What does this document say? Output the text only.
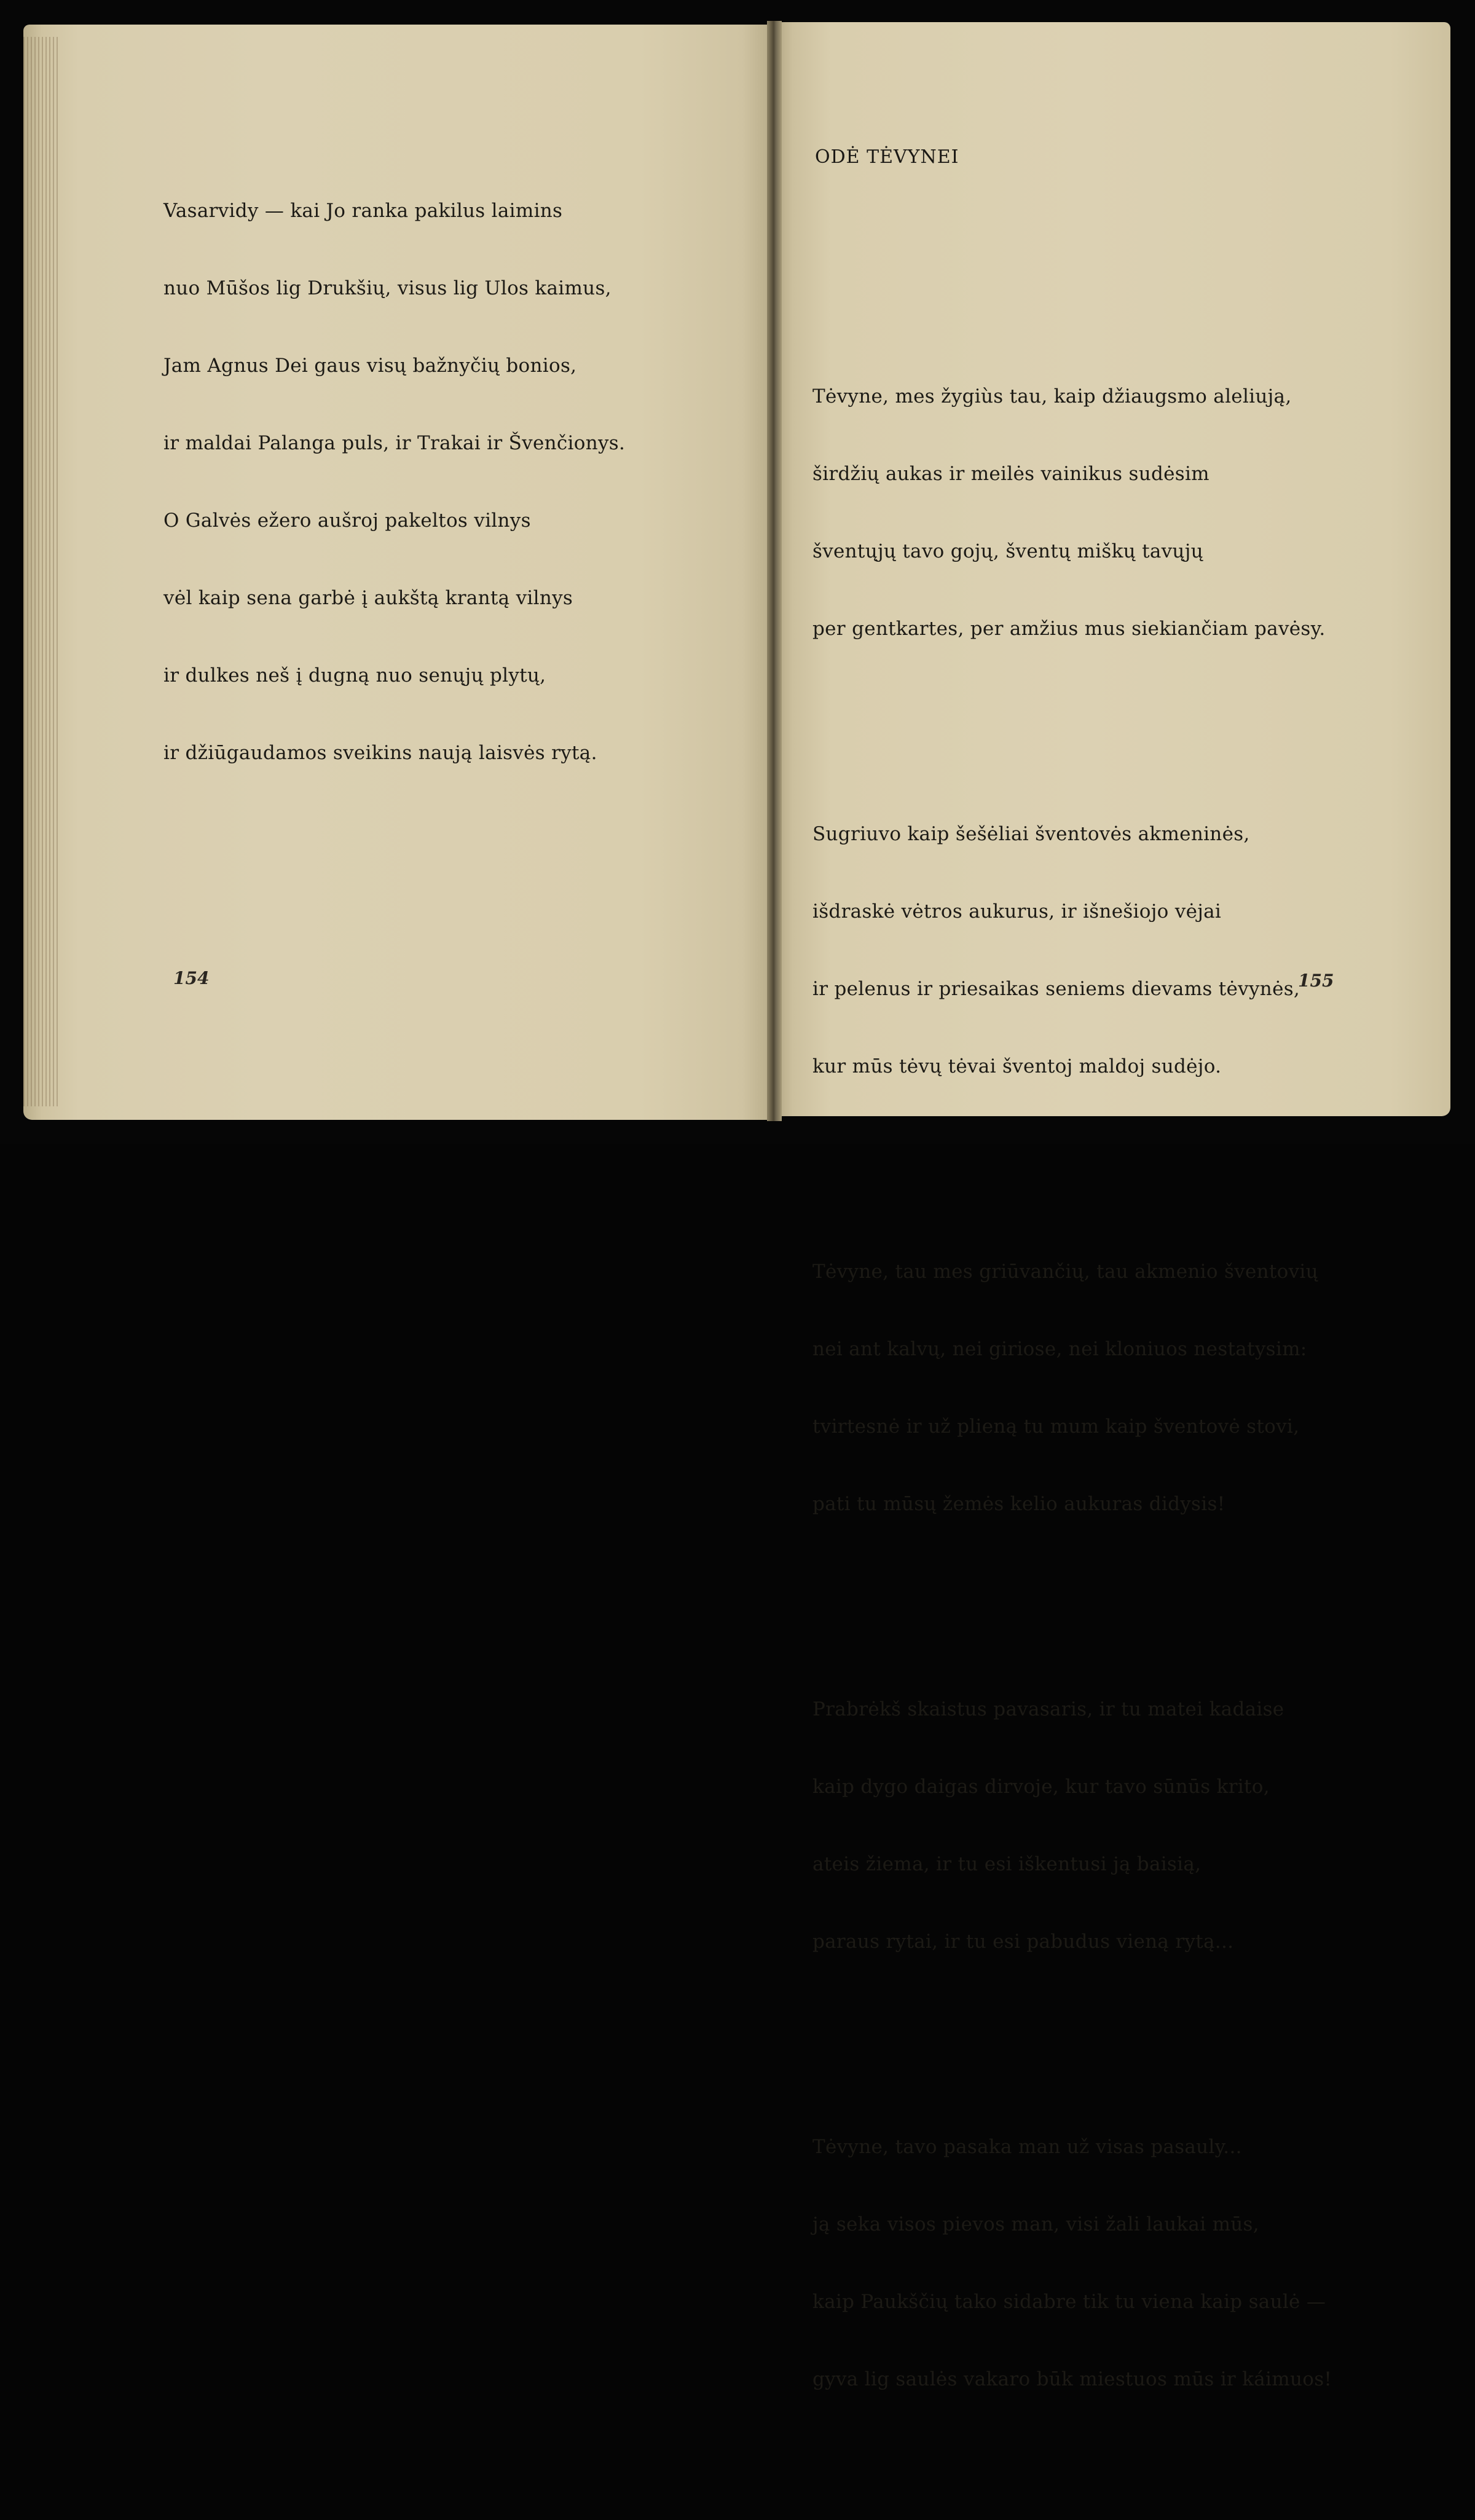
Vasarvidy — kai Jo ranka pakilus laimins

nuo Mūšos lig Drukšių, visus lig Ulos kaimus,

Jam Agnus Dei gaus visų bažnyčių bonios,

ir maldai Palanga puls, ir Trakai ir Švenčionys.

O Galvės ežero aušroj pakeltos vilnys

vėl kaip sena garbė į aukštą krantą vilnys

ir dulkes neš į dugną nuo senųjų plytų,

ir džiūgaudamos sveikins naują laisvės rytą.

154
ODĖ TĖVYNEI

Tėvyne, mes žygiùs tau, kaip džiaugsmo aleliują,

širdžių aukas ir meilės vainikus sudėsim

šventųjų tavo gojų, šventų miškų tavųjų

per gentkartes, per amžius mus siekiančiam pavėsy.

Sugriuvo kaip šešėliai šventovės akmeninės,

išdraskė vėtros aukurus, ir išnešiojo vėjai

ir pelenus ir priesaikas seniems dievams tėvynės,

kur mūs tėvų tėvai šventoj maldoj sudėjo.

Tėvyne, tau mes griūvančių, tau akmenio šventovių

nei ant kalvų, nei giriose, nei kloniuos nestatysim:

tvirtesnė ir už plieną tu mum kaip šventovė stovi,

pati tu mūsų žemės kelio aukuras didysis!

Prabrėkš skaistus pavasaris, ir tu matei kadaise

kaip dygo daigas dirvoje, kur tavo sūnūs krito,

ateis žiema, ir tu esi iškentusi ją baisią,

paraus rytai, ir tu esi pabudus vieną rytą...

Tėvyne, tavo pasaka man už visas pasauly...

ją seka visos pievos man, visi žali laukai mūs,

kaip Paukščių tako sidabre tik tu viena kaip saulė —

gyva lig saulės vakaro būk miestuos mūs ir káimuos!

155
